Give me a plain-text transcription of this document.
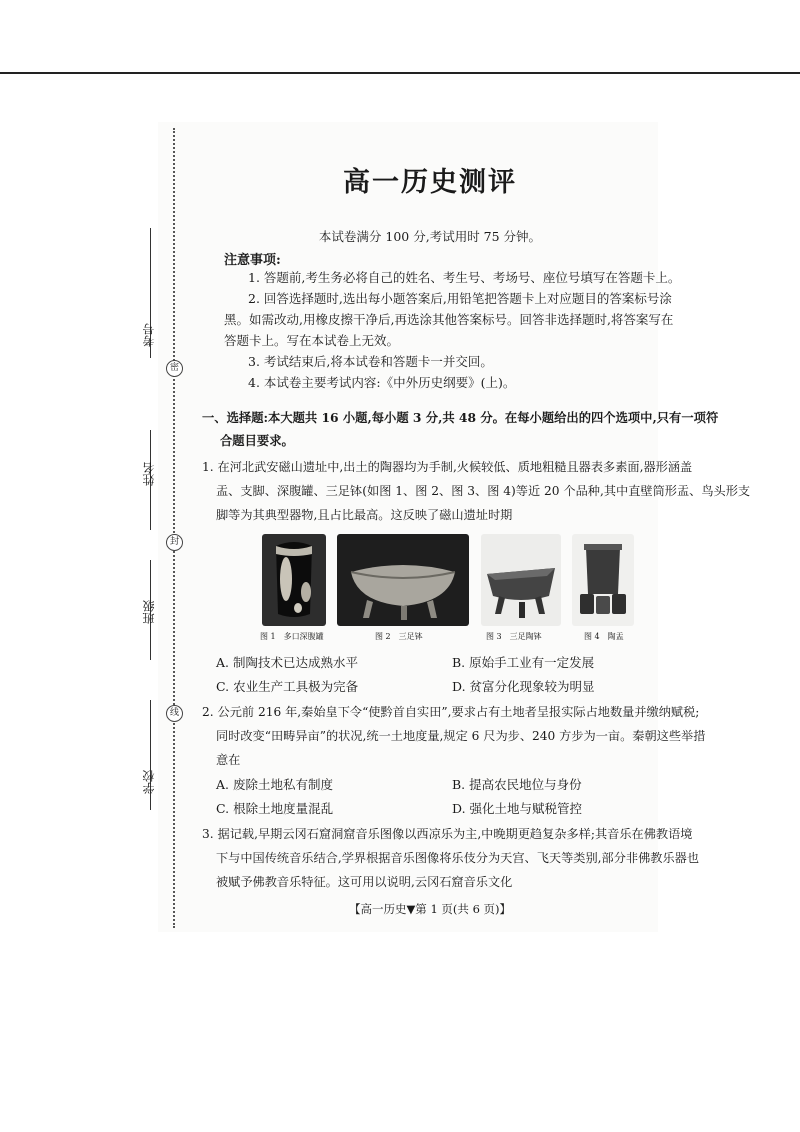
考号
姓名
班级
学校
密
封
线
高一历史测评
本试卷满分 100 分,考试用时 75 分钟。
注意事项:
1. 答题前,考生务必将自己的姓名、考生号、考场号、座位号填写在答题卡上。
2. 回答选择题时,选出每小题答案后,用铅笔把答题卡上对应题目的答案标号涂
黑。如需改动,用橡皮擦干净后,再选涂其他答案标号。回答非选择题时,将答案写在
答题卡上。写在本试卷上无效。
3. 考试结束后,将本试卷和答题卡一并交回。
4. 本试卷主要考试内容:《中外历史纲要》(上)。
一、选择题:本大题共 16 小题,每小题 3 分,共 48 分。在每小题给出的四个选项中,只有一项符
合题目要求。
1. 在河北武安磁山遗址中,出土的陶器均为手制,火候较低、质地粗糙且器表多素面,器形涵盖
盂、支脚、深腹罐、三足钵(如图 1、图 2、图 3、图 4)等近 20 个品种,其中直壁筒形盂、鸟头形支
脚等为其典型器物,且占比最高。这反映了磁山遗址时期
图 1　多口深腹罐	图 2　三足钵	图 3　三足陶钵	图 4　陶盂
A. 制陶技术已达成熟水平	B. 原始手工业有一定发展
C. 农业生产工具极为完备	D. 贫富分化现象较为明显
2. 公元前 216 年,秦始皇下令“使黔首自实田”,要求占有土地者呈报实际占地数量并缴纳赋税;
同时改变“田畴异亩”的状况,统一土地度量,规定 6 尺为步、240 方步为一亩。秦朝这些举措
意在
A. 废除土地私有制度	B. 提高农民地位与身份
C. 根除土地度量混乱	D. 强化土地与赋税管控
3. 据记载,早期云冈石窟洞窟音乐图像以西凉乐为主,中晚期更趋复杂多样;其音乐在佛教语境
下与中国传统音乐结合,学界根据音乐图像将乐伎分为天宫、飞天等类别,部分非佛教乐器也
被赋予佛教音乐特征。这可用以说明,云冈石窟音乐文化
【高一历史▼第 1 页(共 6 页)】
